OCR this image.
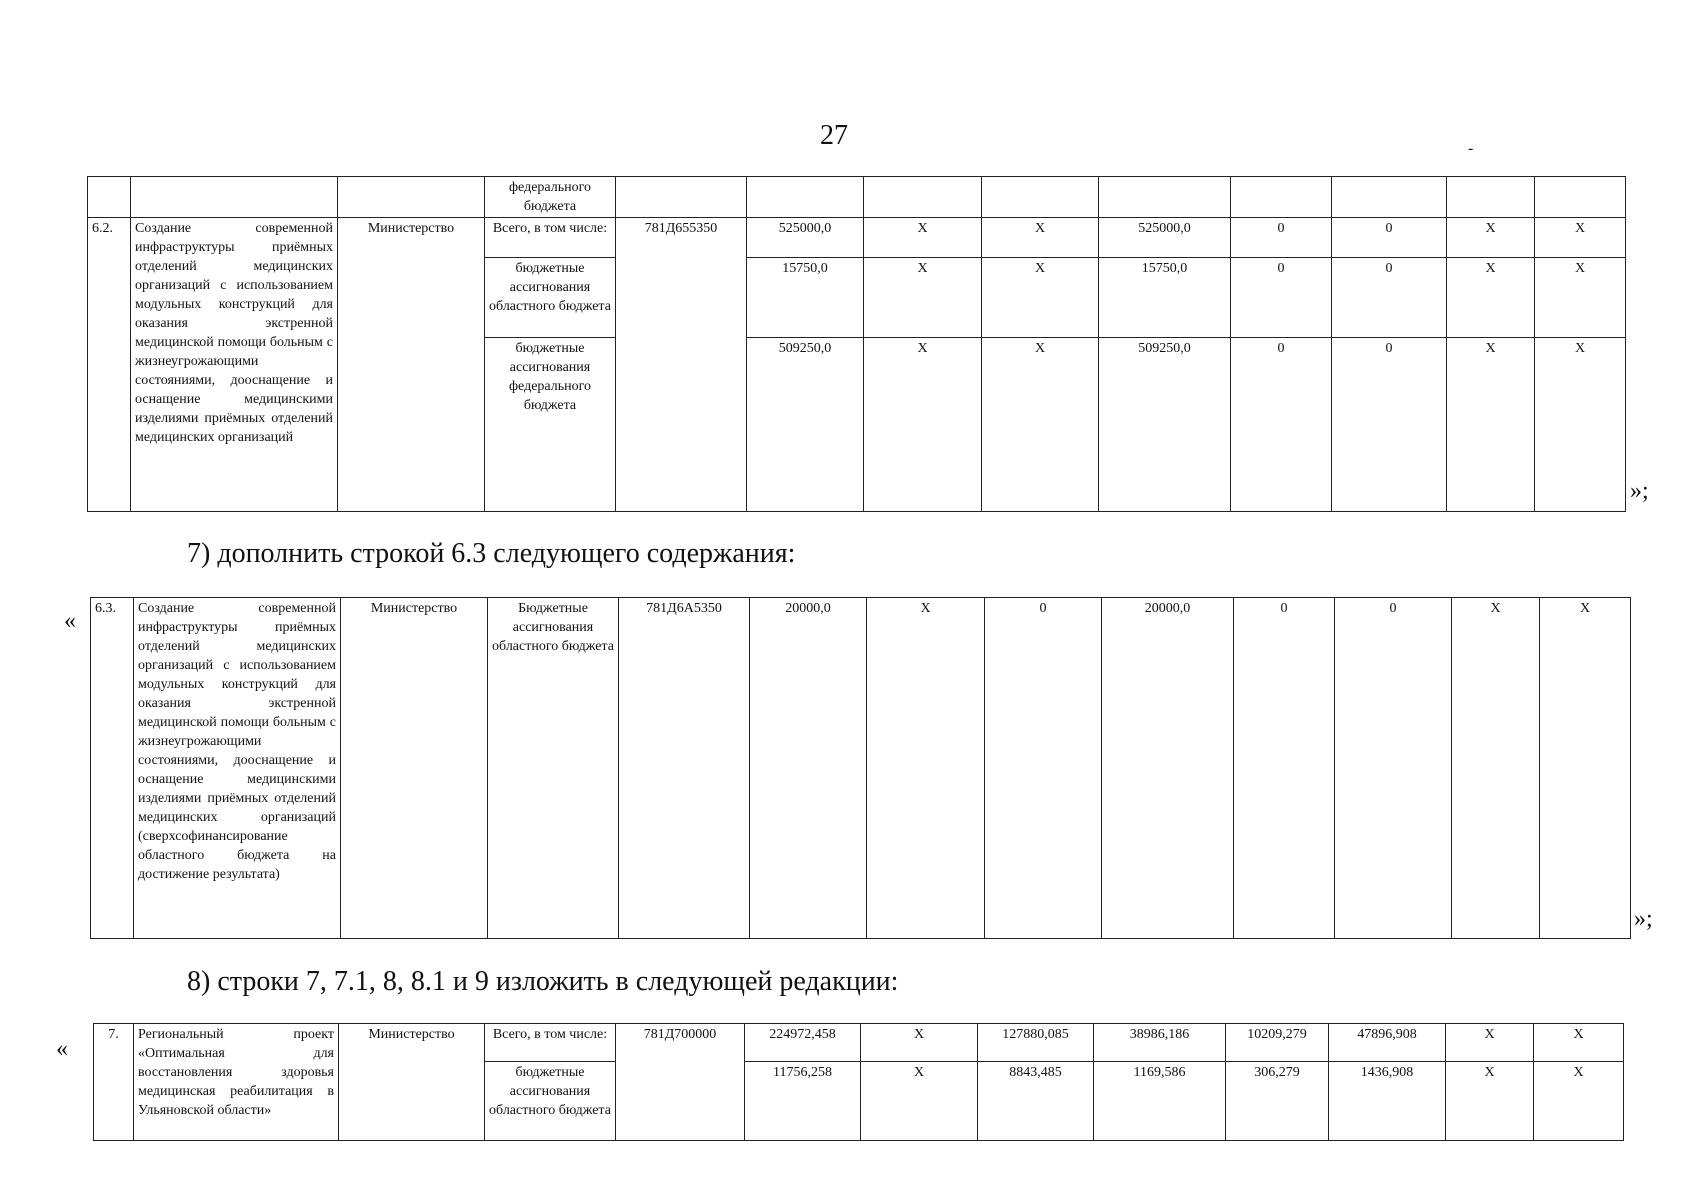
27	-
			федерального бюджета									
6.2.	Создание современной инфраструктуры приёмных отделений медицинских организаций с использованием модульных конструкций для оказания экстренной медицинской помощи больным с жизнеугрожающими состояниями, дооснащение и оснащение медицинскими изделиями приёмных отделений медицинских организаций	Министерство	Всего, в том числе:	781Д655350	525000,0	X	X	525000,0	0	0	X	X
			бюджетные ассигнования областного бюджета		15750,0	X	X	15750,0	0	0	X	X
			бюджетные ассигнования федерального бюджета		509250,0	X	X	509250,0	0	0	X	X
»;
7) дополнить строкой 6.3 следующего содержания:
« 6.3.	Создание современной инфраструктуры приёмных отделений медицинских организаций с использованием модульных конструкций для оказания экстренной медицинской помощи больным с жизнеугрожающими состояниями, дооснащение и оснащение медицинскими изделиями приёмных отделений медицинских организаций (сверхсофинансирование областного бюджета на достижение результата)	Министерство	Бюджетные ассигнования областного бюджета	781Д6А5350	20000,0	X	0	20000,0	0	0	X	X
»;
8) строки 7, 7.1, 8, 8.1 и 9 изложить в следующей редакции:
«
7.	Региональный проект «Оптимальная для восстановления здоровья медицинская реабилитация в Ульяновской области»	Министерство	Всего, в том числе:	781Д700000	224972,458	X	127880,085	38986,186	10209,279	47896,908	X	X
			бюджетные ассигнования областного бюджета		11756,258	X	8843,485	1169,586	306,279	1436,908	X	X
